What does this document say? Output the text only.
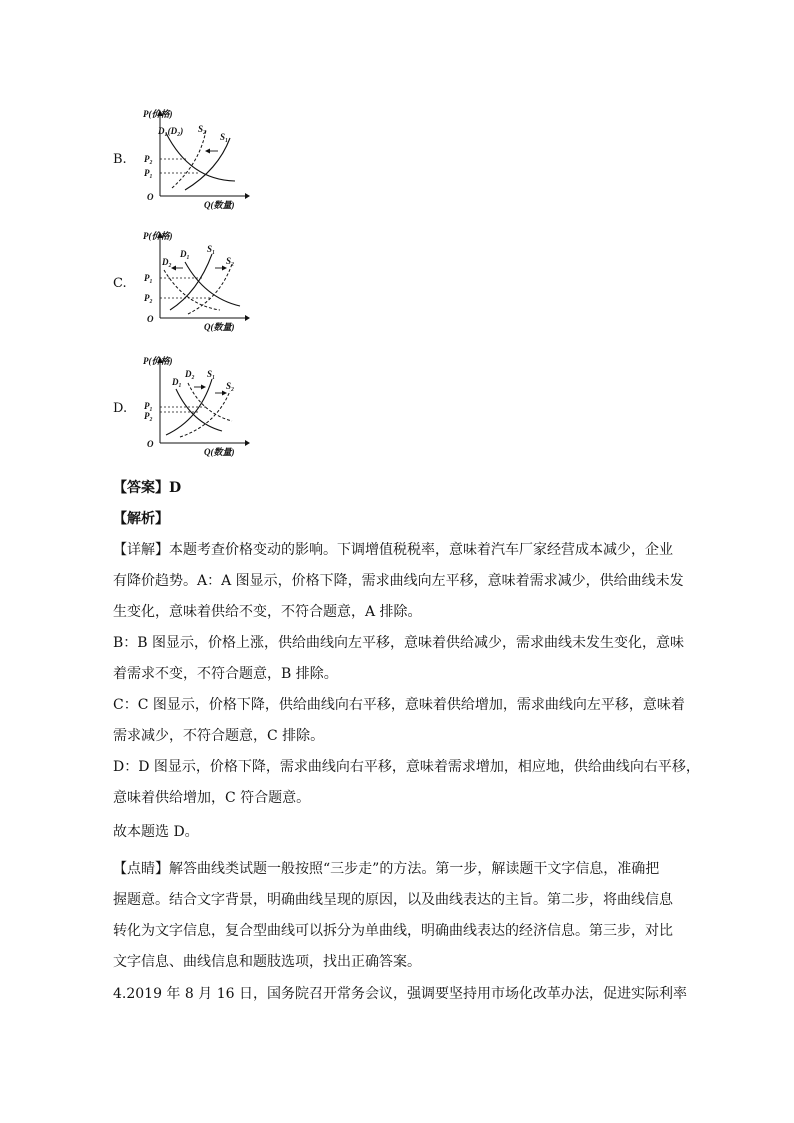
B.
P(价格)
Q(数量)
O
D₁(D₂) S₂
S₁
P₂
P₁
C.
P(价格)
Q(数量)
O
D₂
D₁ S₁
S₂
P₁
P₂
D.
P(价格)
Q(数量)
O
D₁
D₂ S₁
S₂
P₁
P₂
【答案】D
【解析】
【详解】本题考查价格变动的影响。下调增值税税率，意味着汽车厂家经营成本减少，企业
有降价趋势。A：A 图显示，价格下降，需求曲线向左平移，意味着需求减少，供给曲线未发
生变化，意味着供给不变，不符合题意，A 排除。
B：B 图显示，价格上涨，供给曲线向左平移，意味着供给减少，需求曲线未发生变化，意味
着需求不变，不符合题意，B 排除。
C：C 图显示，价格下降，供给曲线向右平移，意味着供给增加，需求曲线向左平移，意味着
需求减少，不符合题意，C 排除。
D：D 图显示，价格下降，需求曲线向右平移，意味着需求增加，相应地，供给曲线向右平移，
意味着供给增加，C 符合题意。
故本题选 D。
【点睛】解答曲线类试题一般按照“三步走”的方法。第一步，解读题干文字信息，准确把
握题意。结合文字背景，明确曲线呈现的原因，以及曲线表达的主旨。第二步，将曲线信息
转化为文字信息，复合型曲线可以拆分为单曲线，明确曲线表达的经济信息。第三步，对比
文字信息、曲线信息和题肢选项，找出正确答案。
4.2019 年 8 月 16 日，国务院召开常务会议，强调要坚持用市场化改革办法，促进实际利率
